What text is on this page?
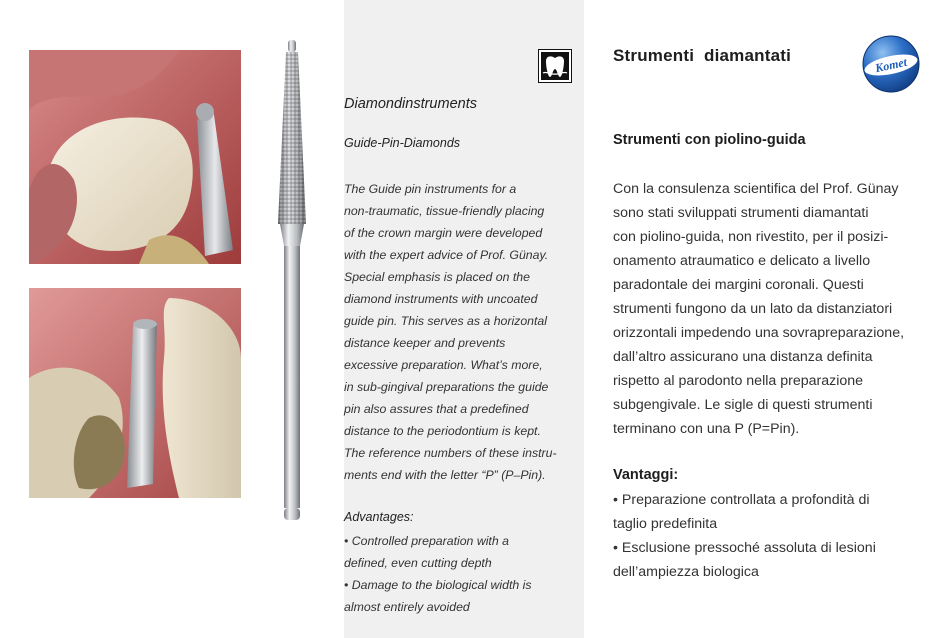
Komet
Diamondinstruments
Guide-Pin-Diamonds

The Guide pin instruments for a
non-traumatic, tissue-friendly placing
of the crown margin were developed
with the expert advice of Prof. Günay.
Special emphasis is placed on the
diamond instruments with uncoated
guide pin. This serves as a horizontal
distance keeper and prevents
excessive preparation. What’s more,
in sub-gingival preparations the guide
pin also assures that a predefined
distance to the periodontium is kept.
The reference numbers of these instru-
ments end with the letter “P” (P–Pin).

Advantages:
• Controlled preparation with a
defined, even cutting depth
• Damage to the biological width is
almost entirely avoided
Strumenti  diamantati
Strumenti con piolino-guida

Con la consulenza scientifica del Prof. Günay
sono stati sviluppati strumenti diamantati
con piolino-guida, non rivestito, per il posizi-
onamento atraumatico e delicato a livello
paradontale dei margini coronali. Questi
strumenti fungono da un lato da distanziatori
orizzontali impedendo una sovrapreparazione,
dall’altro assicurano una distanza definita
rispetto al parodonto nella preparazione
subgengivale. Le sigle di questi strumenti
terminano con una P (P=Pin).

Vantaggi:
• Preparazione controllata a profondità di
taglio predefinita
• Esclusione pressoché assoluta di lesioni
dell’ampiezza biologica
